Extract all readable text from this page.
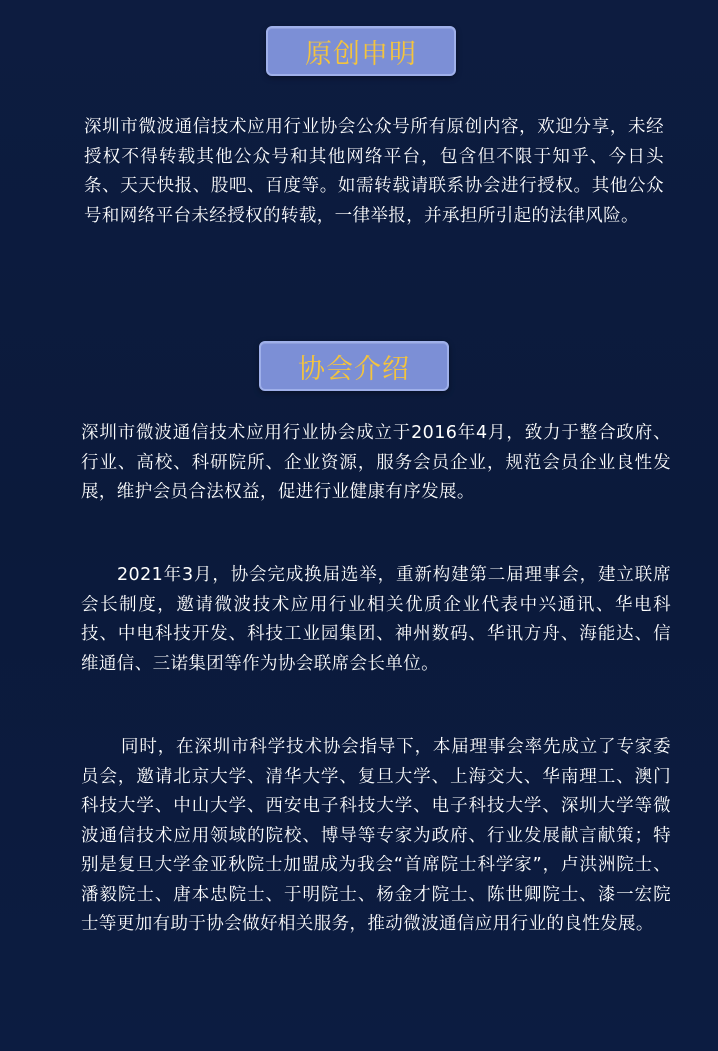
原创申明

深圳市微波通信技术应用行业协会公众号所有原创内容，欢迎分享，未经授权不得转载其他公众号和其他网络平台，包含但不限于知乎、今日头条、天天快报、股吧、百度等。如需转载请联系协会进行授权。其他公众号和网络平台未经授权的转载，一律举报，并承担所引起的法律风险。

协会介绍

深圳市微波通信技术应用行业协会成立于2016年4月，致力于整合政府、行业、高校、科研院所、企业资源，服务会员企业，规范会员企业良性发展，维护会员合法权益，促进行业健康有序发展。

2021年3月，协会完成换届选举，重新构建第二届理事会，建立联席会长制度，邀请微波技术应用行业相关优质企业代表中兴通讯、华电科技、中电科技开发、科技工业园集团、神州数码、华讯方舟、海能达、信维通信、三诺集团等作为协会联席会长单位。

同时，在深圳市科学技术协会指导下，本届理事会率先成立了专家委员会，邀请北京大学、清华大学、复旦大学、上海交大、华南理工、澳门科技大学、中山大学、西安电子科技大学、电子科技大学、深圳大学等微波通信技术应用领域的院校、博导等专家为政府、行业发展献言献策；特别是复旦大学金亚秋院士加盟成为我会“首席院士科学家”，卢洪洲院士、潘毅院士、唐本忠院士、于明院士、杨金才院士、陈世卿院士、漆一宏院士等更加有助于协会做好相关服务，推动微波通信应用行业的良性发展。
